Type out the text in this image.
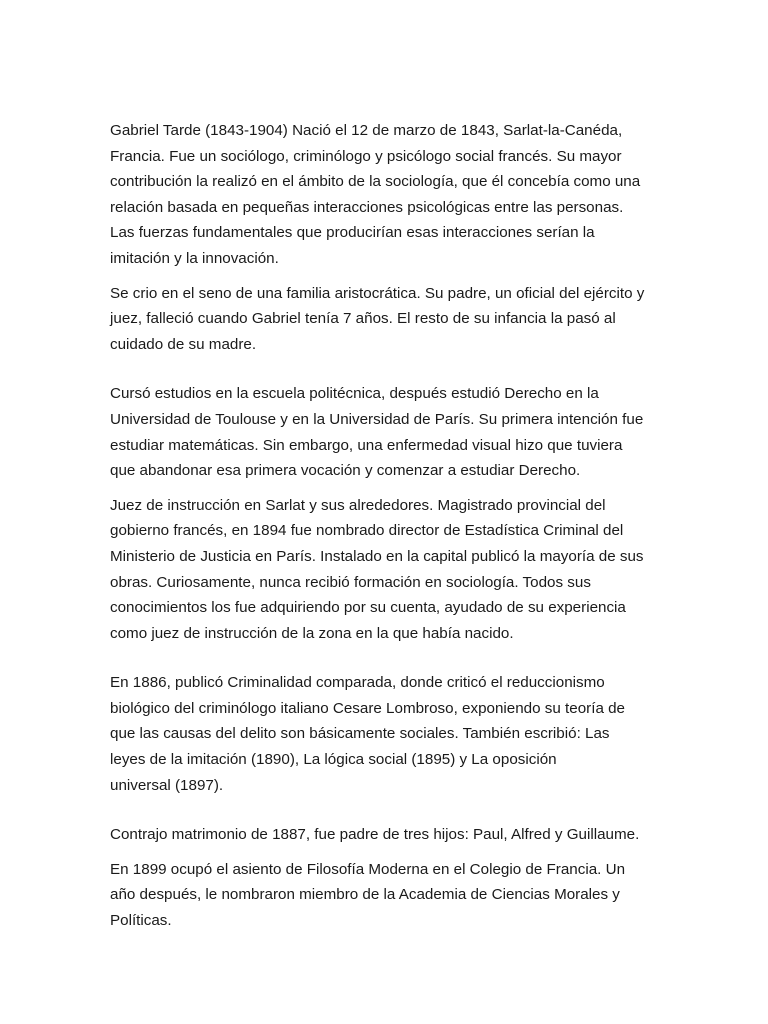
Gabriel Tarde (1843-1904) Nació el 12 de marzo de 1843, Sarlat-la-Canéda,
Francia. Fue un sociólogo, criminólogo y psicólogo social francés. Su mayor
contribución la realizó en el ámbito de la sociología, que él concebía como una
relación basada en pequeñas interacciones psicológicas entre las personas.
Las fuerzas fundamentales que producirían esas interacciones serían la
imitación y la innovación.

Se crio en el seno de una familia aristocrática. Su padre, un oficial del ejército y
juez, falleció cuando Gabriel tenía 7 años. El resto de su infancia la pasó al
cuidado de su madre.

Cursó estudios en la escuela politécnica, después estudió Derecho en la
Universidad de Toulouse y en la Universidad de París. Su primera intención fue
estudiar matemáticas. Sin embargo, una enfermedad visual hizo que tuviera
que abandonar esa primera vocación y comenzar a estudiar Derecho.

Juez de instrucción en Sarlat y sus alrededores. Magistrado provincial del
gobierno francés, en 1894 fue nombrado director de Estadística Criminal del
Ministerio de Justicia en París. Instalado en la capital publicó la mayoría de sus
obras. Curiosamente, nunca recibió formación en sociología. Todos sus
conocimientos los fue adquiriendo por su cuenta, ayudado de su experiencia
como juez de instrucción de la zona en la que había nacido.

En 1886, publicó Criminalidad comparada, donde criticó el reduccionismo
biológico del criminólogo italiano Cesare Lombroso, exponiendo su teoría de
que las causas del delito son básicamente sociales. También escribió: Las
leyes de la imitación (1890), La lógica social (1895) y La oposición
universal (1897).

Contrajo matrimonio de 1887, fue padre de tres hijos: Paul, Alfred y Guillaume.

En 1899 ocupó el asiento de Filosofía Moderna en el Colegio de Francia. Un
año después, le nombraron miembro de la Academia de Ciencias Morales y
Políticas.
